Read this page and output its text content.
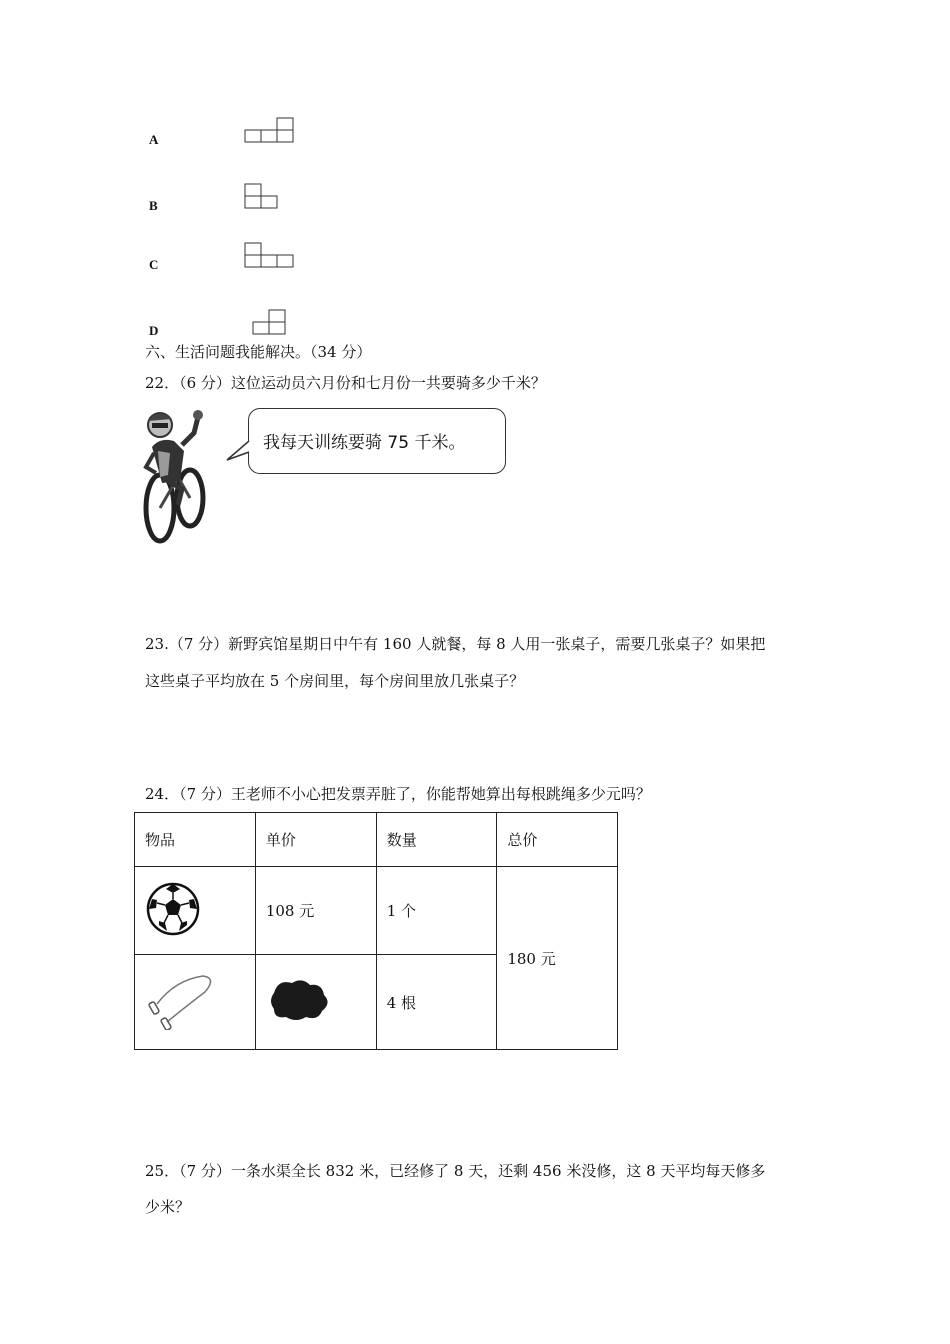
A
B
C
D
六、生活问题我能解决。（34 分）
22．（6 分）这位运动员六月份和七月份一共要骑多少千米？
我每天训练要骑 75 千米。
23.（7 分）新野宾馆星期日中午有 160 人就餐，每 8 人用一张桌子，需要几张桌子？如果把
这些桌子平均放在 5 个房间里，每个房间里放几张桌子？
24．（7 分）王老师不小心把发票弄脏了，你能帮她算出每根跳绳多少元吗？
物品	单价	数量	总价
	108 元	1 个	180 元
		4 根	
25．（7 分）一条水渠全长 832 米，已经修了 8 天，还剩 456 米没修，这 8 天平均每天修多
少米？
